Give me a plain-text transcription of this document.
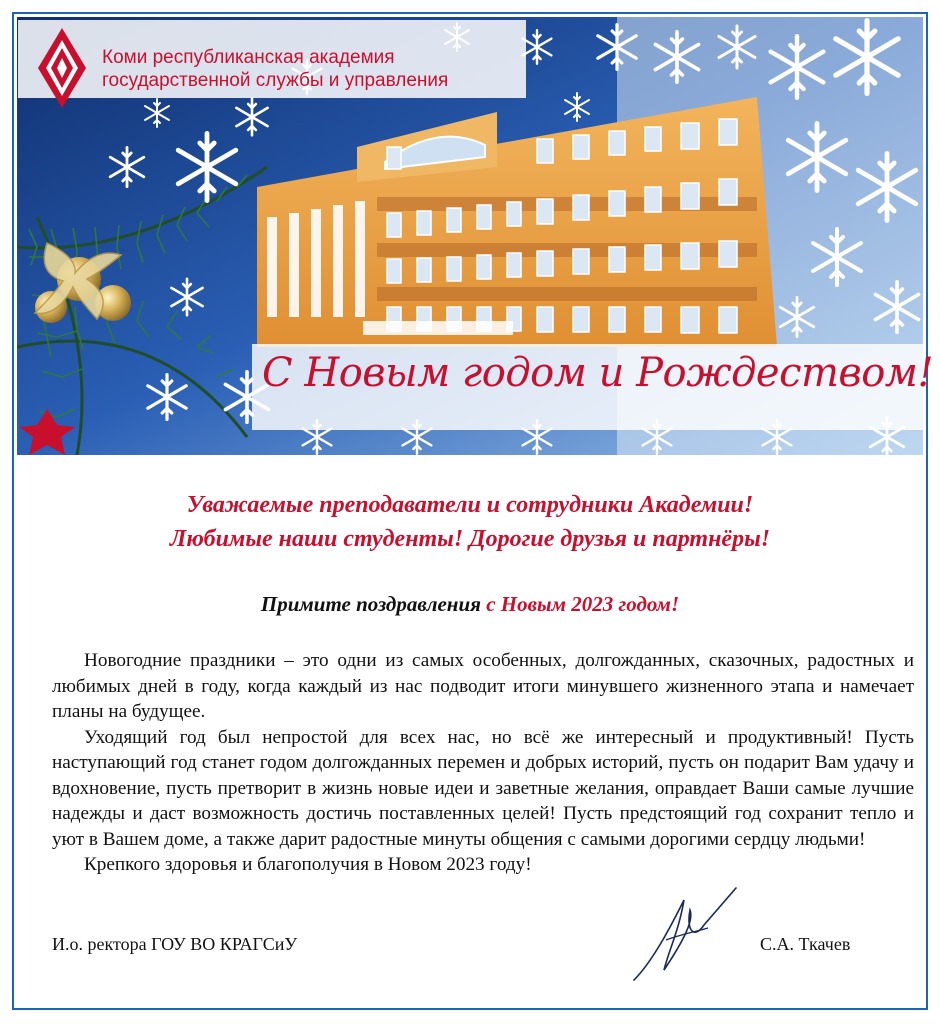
Коми республиканская академия
государственной службы и управления
С Новым годом и Рождеством!
Уважаемые преподаватели и сотрудники Академии!
Любимые наши студенты! Дорогие друзья и партнёры!
Примите поздравления с Новым 2023 годом!

Новогодние праздники – это одни из самых особенных, долгожданных, сказочных, радостных и любимых дней в году, когда каждый из нас подводит итоги минувшего жизненного этапа и намечает планы на будущее.

Уходящий год был непростой для всех нас, но всё же интересный и продуктивный! Пусть наступающий год станет годом долгожданных перемен и добрых историй, пусть он подарит Вам удачу и вдохновение, пусть претворит в жизнь новые идеи и заветные желания, оправдает Ваши самые лучшие надежды и даст возможность достичь поставленных целей! Пусть предстоящий год сохранит тепло и уют в Вашем доме, а также дарит радостные минуты общения с самыми дорогими сердцу людьми!

Крепкого здоровья и благополучия в Новом 2023 году!

И.о. ректора ГОУ ВО КРАГСиУ	С.А. Ткачев
